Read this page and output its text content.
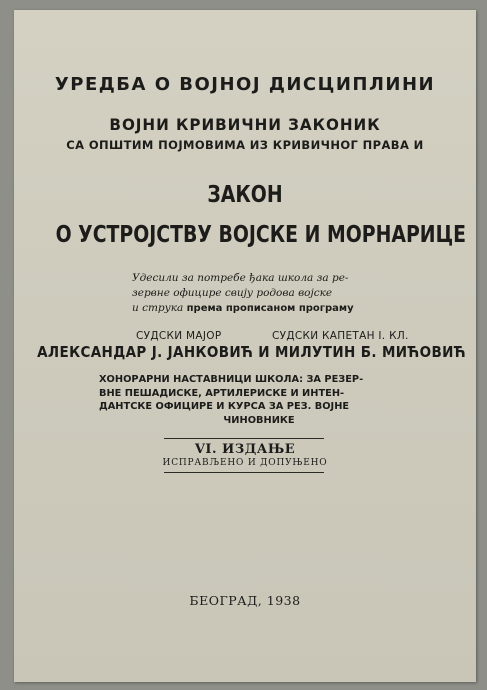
УРЕДБА О ВОЈНОЈ ДИСЦИПЛИНИ
ВОЈНИ КРИВИЧНИ ЗАКОНИК
СА ОПШТИМ ПОЈМОВИМА ИЗ КРИВИЧНОГ ПРАВА И
ЗАКОН
О УСТРОЈСТВУ ВОЈСКЕ И МОРНАРИЦЕ
Удесили за потребе ђака школа за ре-
зервне официре свију родова војске
и струка према прописаном програму
СУДСКИ МАЈОР	СУДСКИ КАПЕТАН I. КЛ.
АЛЕКСАНДАР Ј. ЈАНКОВИЋ И МИЛУТИН Б. МИЋОВИЋ
ХОНОРАРНИ НАСТАВНИЦИ ШКОЛА: ЗА РЕЗЕР-
ВНЕ ПЕШАДИСКЕ, АРТИЛЕРИСКЕ И ИНТЕН-
ДАНТСКЕ ОФИЦИРЕ И КУРСА ЗА РЕЗ. ВОЈНЕ
ЧИНОВНИКЕ
VI. ИЗДАЊЕ
ИСПРАВЉЕНО И ДОПУЊЕНО
БЕОГРАД, 1938
